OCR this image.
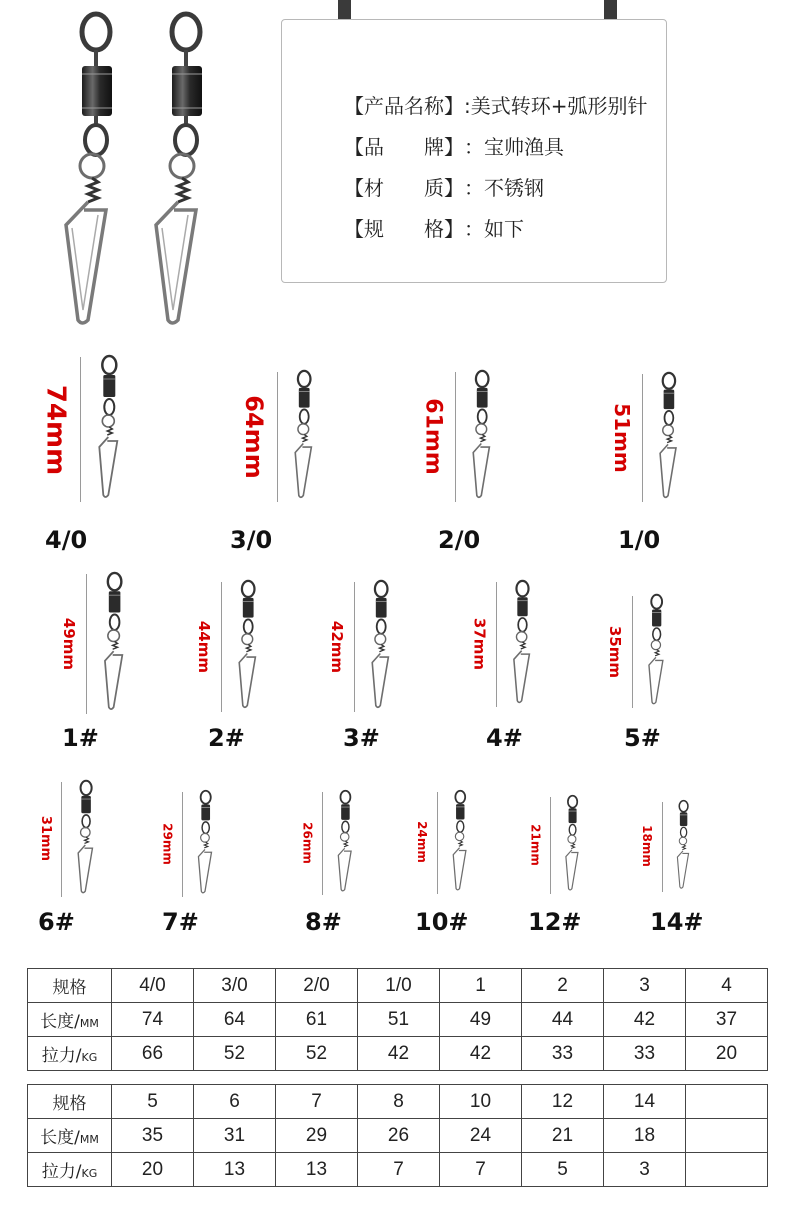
【产品名称】:美式转环+弧形别针
【品　　牌】：宝帅渔具
【材　　质】：不锈钢
【规　　格】：如下
74mm
4/0
64mm
3/0
61mm
2/0
51mm
1/0
49mm
1#
44mm
2#
42mm
3#
37mm
4#
35mm
5#
31mm
6#
29mm
7#
26mm
8#
24mm
10#
21mm
12#
18mm
14#
规格	4/0	3/0	2/0	1/0	1	2	3	4
长度/MM	74	64	61	51	49	44	42	37
拉力/KG	66	52	52	42	42	33	33	20
规格	5	6	7	8	10	12	14	
长度/MM	35	31	29	26	24	21	18	
拉力/KG	20	13	13	7	7	5	3	
